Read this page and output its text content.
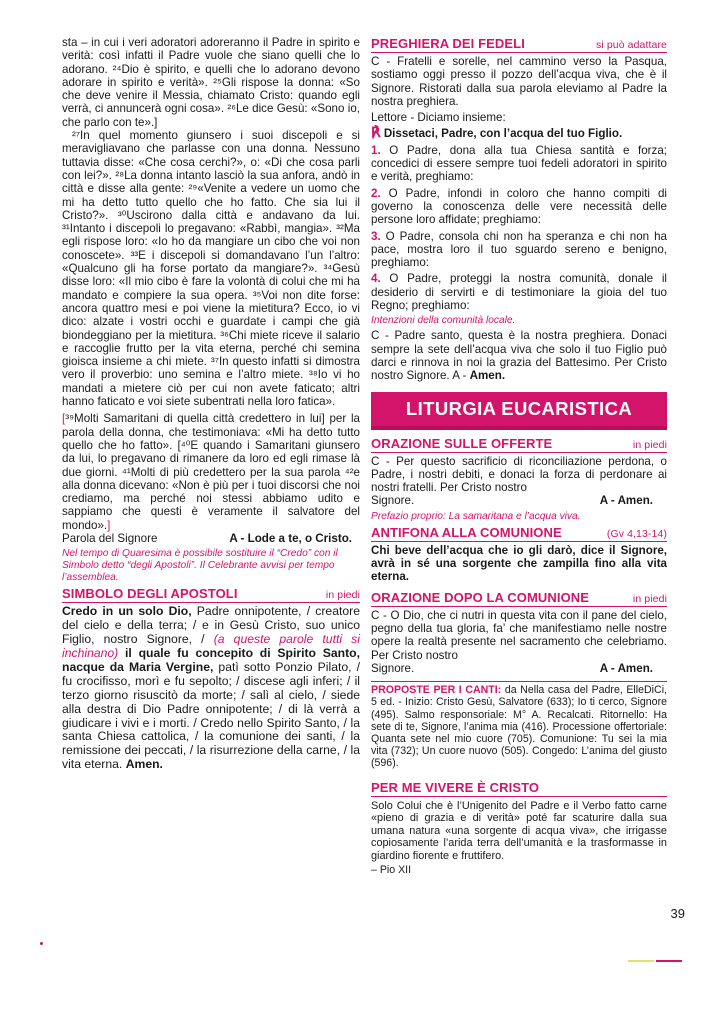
sta – in cui i veri adoratori adoreranno il Padre in spirito e verità: così infatti il Padre vuole che siano quelli che lo adorano. ²⁴Dio è spirito, e quelli che lo adorano devono adorare in spirito e verità». ²⁵Gli rispose la donna: «So che deve venire il Messia, chiamato Cristo: quando egli verrà, ci annuncerà ogni cosa». ²⁶Le dice Gesù: «Sono io, che parlo con te».]

²⁷In quel momento giunsero i suoi discepoli e si meravigliavano che parlasse con una donna. Nessuno tuttavia disse: «Che cosa cerchi?», o: «Di che cosa parli con lei?». ²⁸La donna intanto lasciò la sua anfora, andò in città e disse alla gente: ²⁹«Venite a vedere un uomo che mi ha detto tutto quello che ho fatto. Che sia lui il Cristo?». ³⁰Uscirono dalla città e andavano da lui. ³¹Intanto i discepoli lo pregavano: «Rabbì, mangia». ³²Ma egli rispose loro: «Io ho da mangiare un cibo che voi non conoscete». ³³E i discepoli si domandavano l’un l’altro: «Qualcuno gli ha forse portato da mangiare?». ³⁴Gesù disse loro: «Il mio cibo è fare la volontà di colui che mi ha mandato e compiere la sua opera. ³⁵Voi non dite forse: ancora quattro mesi e poi viene la mietitura? Ecco, io vi dico: alzate i vostri occhi e guardate i campi che già biondeggiano per la mietitura. ³⁶Chi miete riceve il salario e raccoglie frutto per la vita eterna, perché chi semina gioisca insieme a chi miete. ³⁷In questo infatti si dimostra vero il proverbio: uno semina e l’altro miete. ³⁸Io vi ho mandati a mietere ciò per cui non avete faticato; altri hanno faticato e voi siete subentrati nella loro fatica».

[³⁹Molti Samaritani di quella città credettero in lui] per la parola della donna, che testimoniava: «Mi ha detto tutto quello che ho fatto». [⁴⁰E quando i Samaritani giunsero da lui, lo pregavano di rimanere da loro ed egli rimase là due giorni. ⁴¹Molti di più credettero per la sua parola ⁴²e alla donna dicevano: «Non è più per i tuoi discorsi che noi crediamo, ma perché noi stessi abbiamo udito e sappiamo che questi è veramente il salvatore del mondo».]

Parola del Signore	A - Lode a te, o Cristo.

Nel tempo di Quaresima è possibile sostituire il “Credo” con il Simbolo detto “degli Apostoli”. Il Celebrante avvisi per tempo l’assemblea.

SIMBOLO DEGLI APOSTOLI	in piedi

Credo in un solo Dio, Padre onnipotente, / creatore del cielo e della terra; / e in Gesù Cristo, suo unico Figlio, nostro Signore, / (a queste parole tutti si inchinano) il quale fu concepito di Spirito Santo, nacque da Maria Vergine, patì sotto Ponzio Pilato, / fu crocifisso, morì e fu sepolto; / discese agli inferi; / il terzo giorno risuscitò da morte; / salì al cielo, / siede alla destra di Dio Padre onnipotente; / di là verrà a giudicare i vivi e i morti. / Credo nello Spirito Santo, / la santa Chiesa cattolica, / la comunione dei santi, / la remissione dei peccati, / la risurrezione della carne, / la vita eterna. Amen.

PREGHIERA DEI FEDELI	si può adattare

C - Fratelli e sorelle, nel cammino verso la Pasqua, sostiamo oggi presso il pozzo dell’acqua viva, che è il Signore. Ristorati dalla sua parola eleviamo al Padre la nostra preghiera.

Lettore - Diciamo insieme:

℟ Dissetaci, Padre, con l’acqua del tuo Figlio.

1. O Padre, dona alla tua Chiesa santità e forza; concedici di essere sempre tuoi fedeli adoratori in spirito e verità, preghiamo:

2. O Padre, infondi in coloro che hanno compiti di governo la conoscenza delle vere necessità delle persone loro affidate; preghiamo:

3. O Padre, consola chi non ha speranza e chi non ha pace, mostra loro il tuo sguardo sereno e benigno, preghiamo:

4. O Padre, proteggi la nostra comunità, donale il desiderio di servirti e di testimoniare la gioia del tuo Regno; preghiamo:

Intenzioni della comunità locale.

C - Padre santo, questa è la nostra preghiera. Donaci sempre la sete dell’acqua viva che solo il tuo Figlio può darci e rinnova in noi la grazia del Battesimo. Per Cristo nostro Signore. A - Amen.

LITURGIA EUCARISTICA
ORAZIONE SULLE OFFERTE	in piedi

C - Per questo sacrificio di riconciliazione perdona, o Padre, i nostri debiti, e donaci la forza di perdonare ai nostri fratelli. Per Cristo nostro

Signore.	A - Amen.

Prefazio proprio: La samaritana e l’acqua viva.

ANTIFONA ALLA COMUNIONE	(Gv 4,13-14)

Chi beve dell’acqua che io gli darò, dice il Signore, avrà in sé una sorgente che zampilla fino alla vita eterna.

ORAZIONE DOPO LA COMUNIONE	in piedi

C - O Dio, che ci nutri in questa vita con il pane del cielo, pegno della tua gloria, fa’ che manifestiamo nelle nostre opere la realtà presente nel sacramento che celebriamo. Per Cristo nostro

Signore.	A - Amen.

PROPOSTE PER I CANTI: da Nella casa del Padre, ElleDiCi, 5 ed. - Inizio: Cristo Gesù, Salvatore (633); Io ti cerco, Signore (495). Salmo responsoriale: M° A. Recalcati. Ritornello: Ha sete di te, Signore, l’anima mia (416). Processione offertoriale: Quanta sete nel mio cuore (705). Comunione: Tu sei la mia vita (732); Un cuore nuovo (505). Congedo: L’anima del giusto (596).

PER ME VIVERE È CRISTO

Solo Colui che è l’Unigenito del Padre e il Verbo fatto carne «pieno di grazia e di verità» poté far scaturire dalla sua umana natura «una sorgente di acqua viva», che irrigasse copiosamente l’arida terra dell’umanità e la trasformasse in giardino fiorente e fruttifero.

– Pio XII

39
